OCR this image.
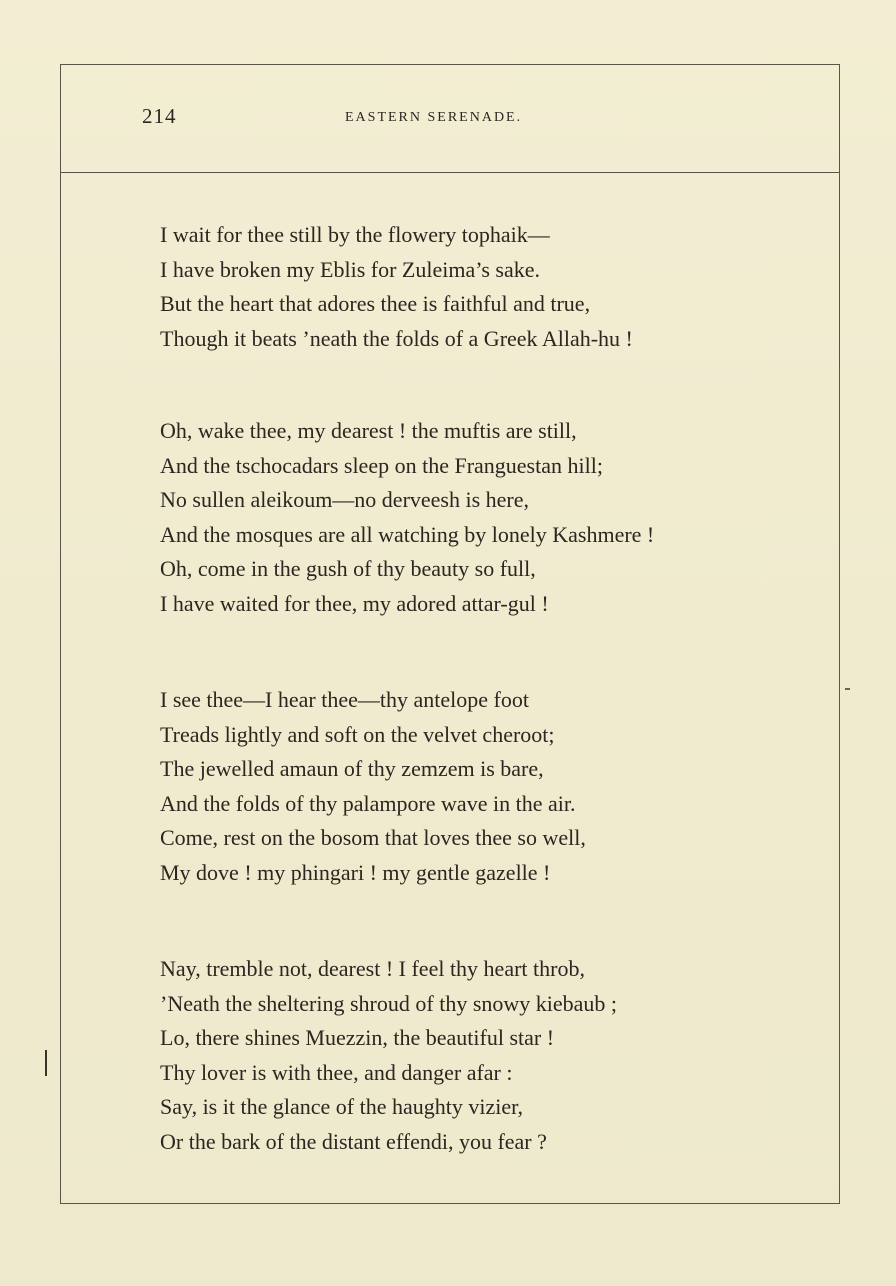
214	EASTERN SERENADE.
I wait for thee still by the flowery tophaik—
I have broken my Eblis for Zuleima’s sake.
But the heart that adores thee is faithful and true,
Though it beats ’neath the folds of a Greek Allah-hu !
Oh, wake thee, my dearest ! the muftis are still,
And the tschocadars sleep on the Franguestan hill;
No sullen aleikoum—no derveesh is here,
And the mosques are all watching by lonely Kashmere !
Oh, come in the gush of thy beauty so full,
I have waited for thee, my adored attar-gul !
I see thee—I hear thee—thy antelope foot
Treads lightly and soft on the velvet cheroot;
The jewelled amaun of thy zemzem is bare,
And the folds of thy palampore wave in the air.
Come, rest on the bosom that loves thee so well,
My dove ! my phingari ! my gentle gazelle !
Nay, tremble not, dearest ! I feel thy heart throb,
’Neath the sheltering shroud of thy snowy kiebaub ;
Lo, there shines Muezzin, the beautiful star !
Thy lover is with thee, and danger afar :
Say, is it the glance of the haughty vizier,
Or the bark of the distant effendi, you fear ?
